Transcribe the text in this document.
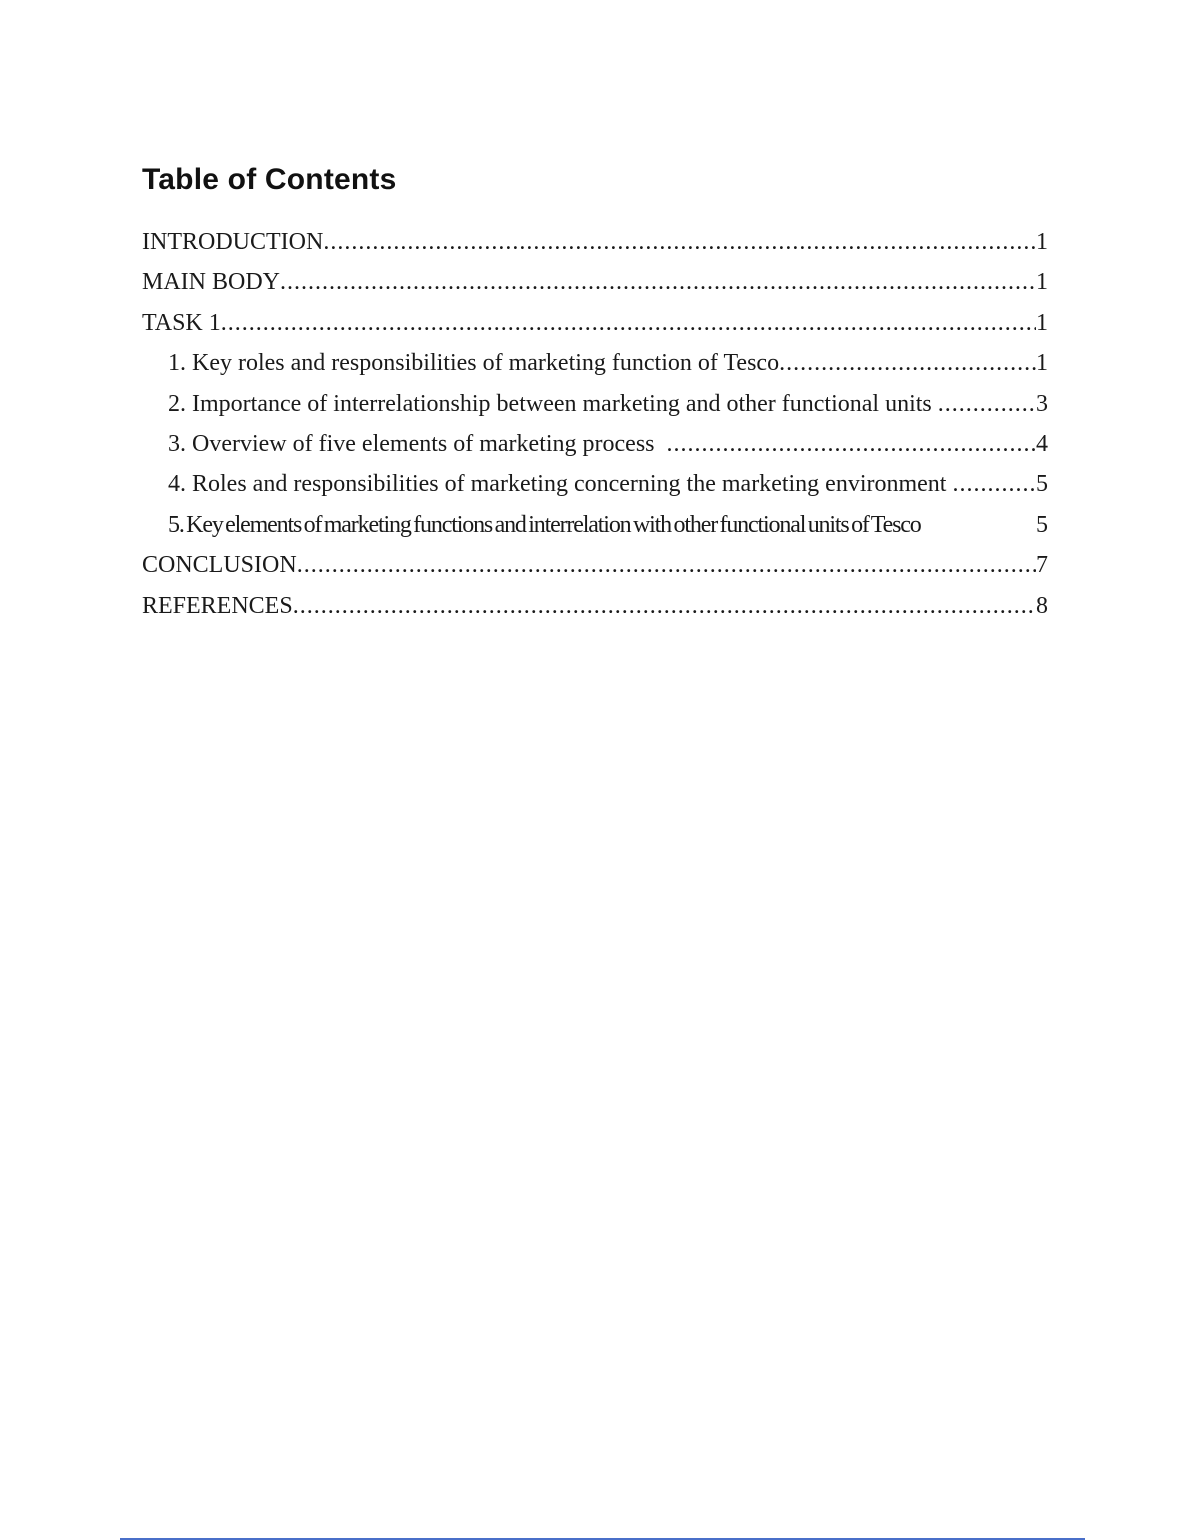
Table of Contents
INTRODUCTION .....	1
MAIN BODY .....	1
TASK 1 .....	1
1. Key roles and responsibilities of marketing function of Tesco .....	1
2. Importance of interrelationship between marketing and other functional units .....	3
3. Overview of five elements of marketing process .....	4
4. Roles and responsibilities of marketing concerning the marketing environment .....	5
5. Key elements of marketing functions and interrelation with other functional units of Tesco	5
CONCLUSION .....	7
REFERENCES .....	8
